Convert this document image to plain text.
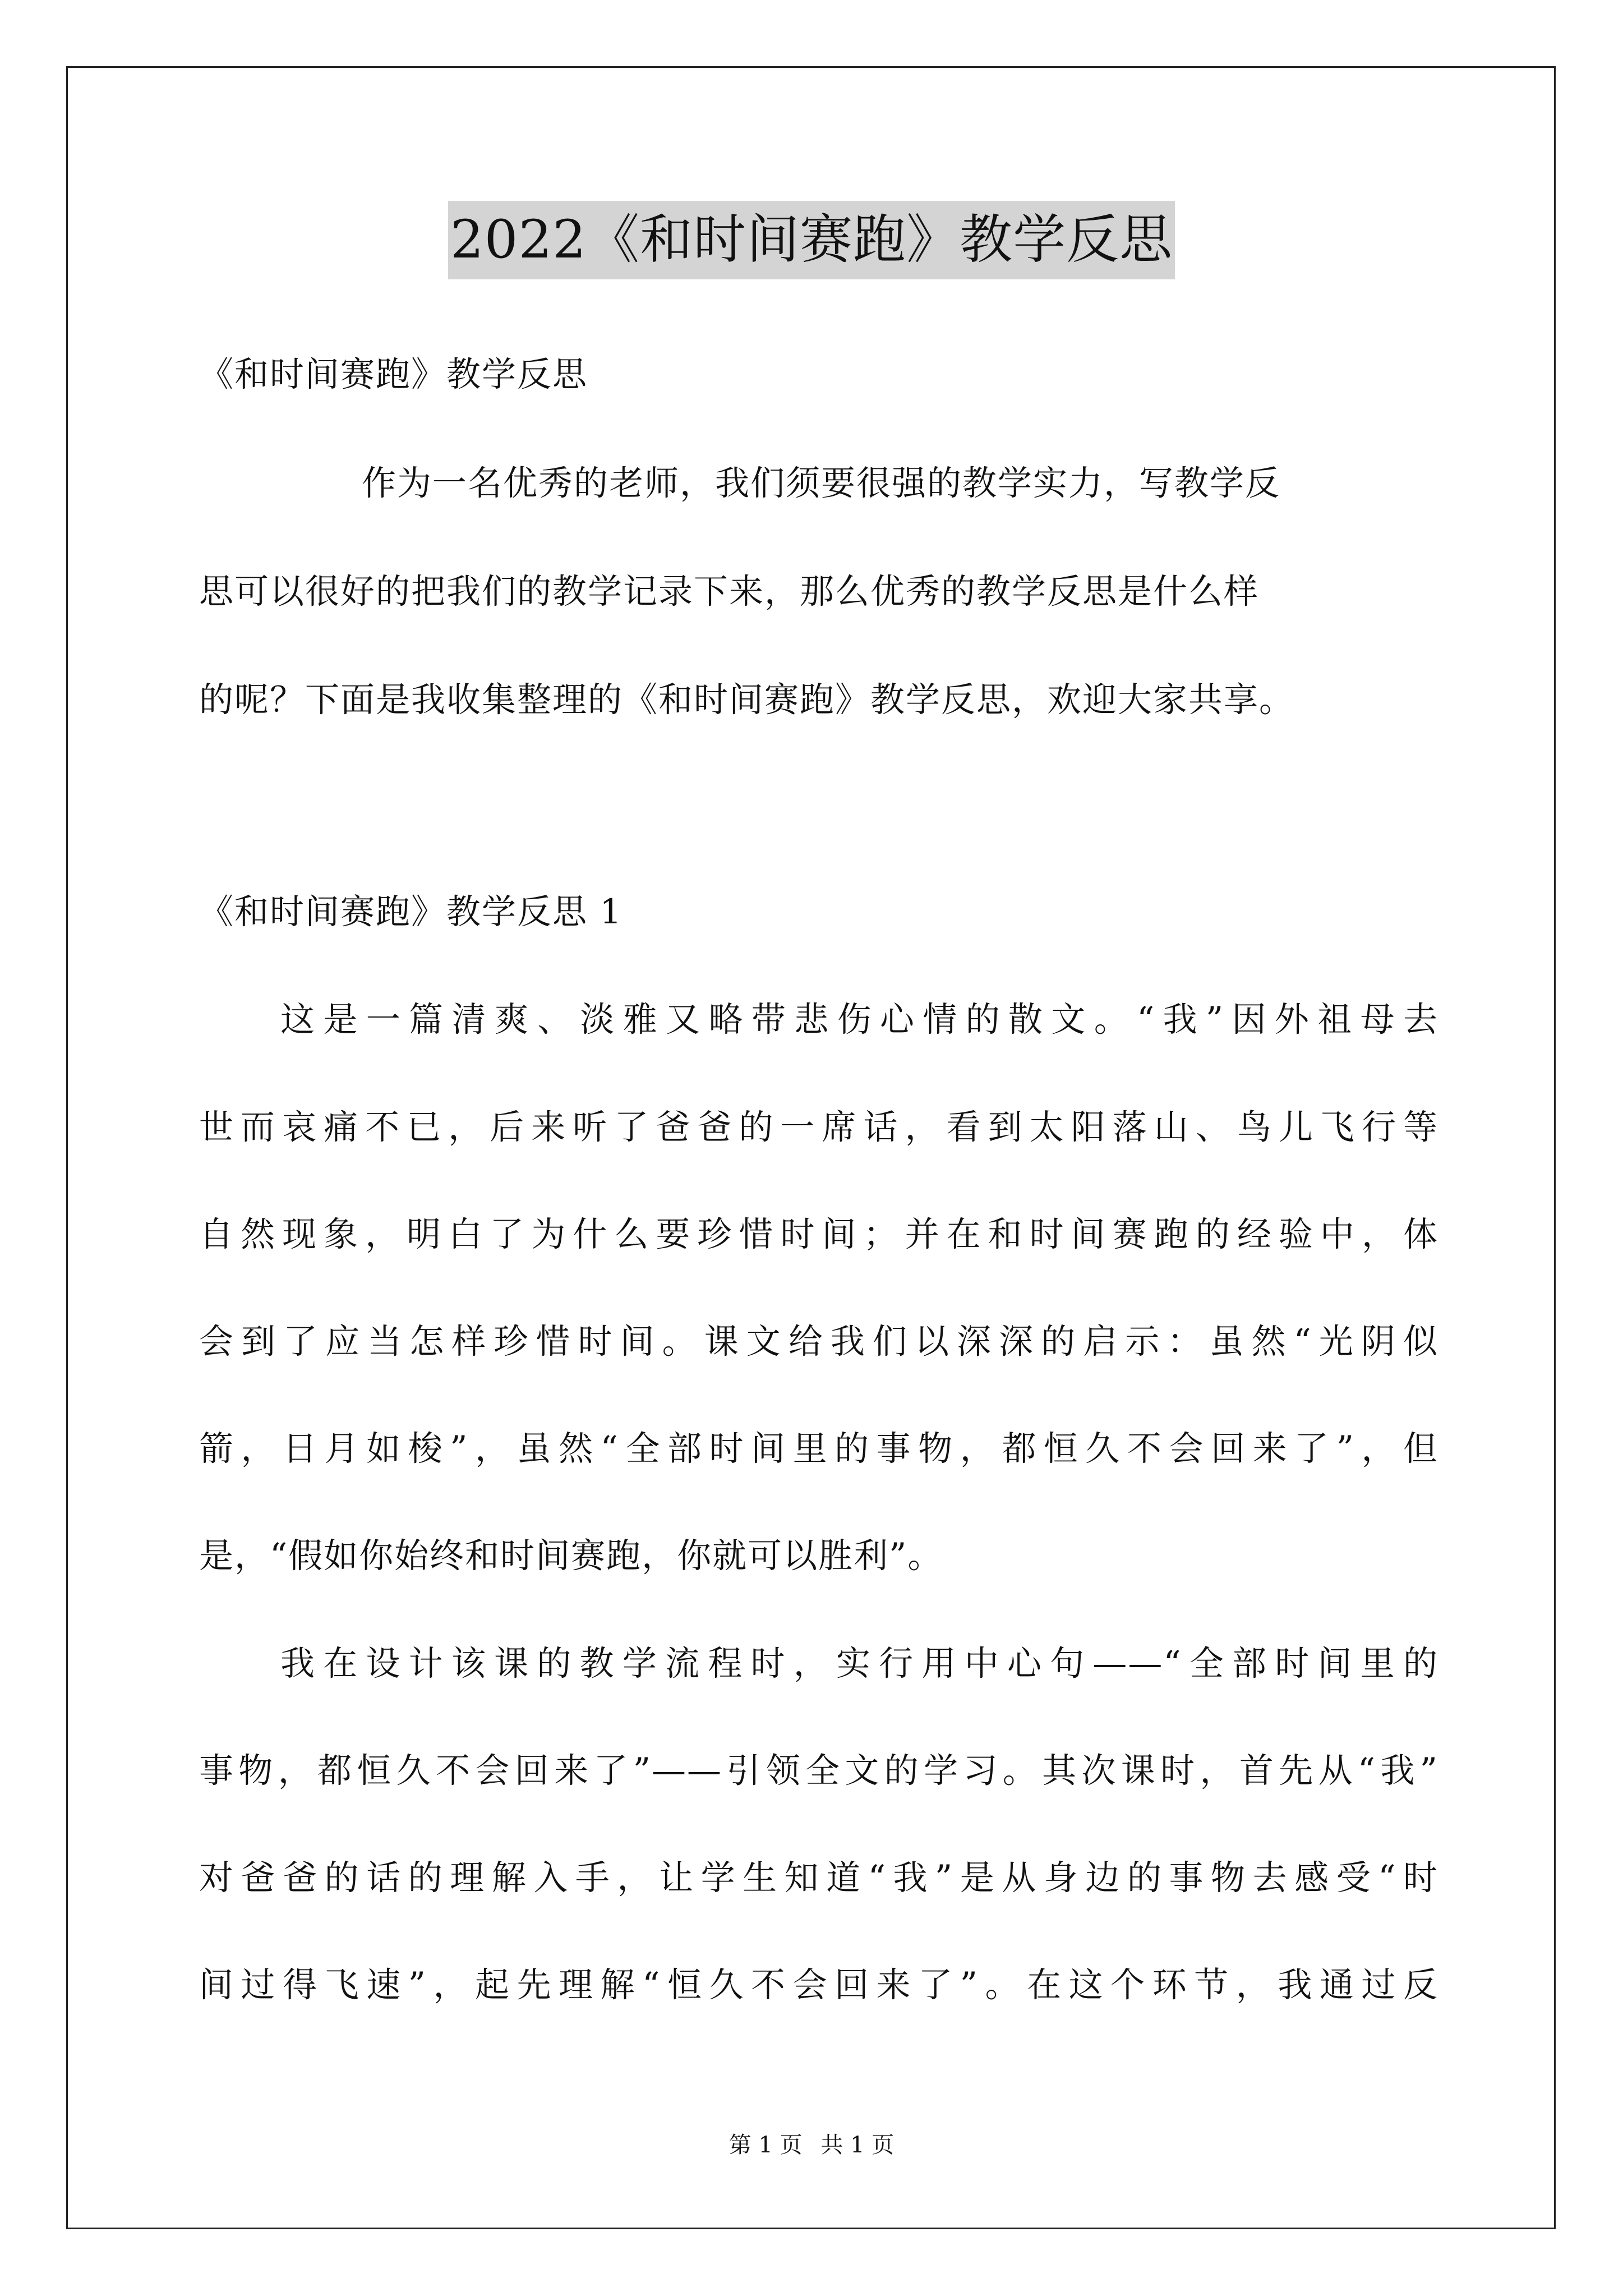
2022《和时间赛跑》教学反思
《和时间赛跑》教学反思
作为一名优秀的老师，我们须要很强的教学实力，写教学反
思可以很好的把我们的教学记录下来，那么优秀的教学反思是什么样
的呢？下面是我收集整理的《和时间赛跑》教学反思，欢迎大家共享。
《和时间赛跑》教学反思 1
这是一篇清爽、淡雅又略带悲伤心情的散文。“我”因外祖母去
世而哀痛不已，后来听了爸爸的一席话，看到太阳落山、鸟儿飞行等
自然现象，明白了为什么要珍惜时间；并在和时间赛跑的经验中，体
会到了应当怎样珍惜时间。课文给我们以深深的启示：虽然“光阴似
箭，日月如梭”，虽然“全部时间里的事物，都恒久不会回来了”，但
是，“假如你始终和时间赛跑，你就可以胜利”。
我在设计该课的教学流程时，实行用中心句——“全部时间里的
事物，都恒久不会回来了”——引领全文的学习。其次课时，首先从“我”
对爸爸的话的理解入手，让学生知道“我”是从身边的事物去感受“时
间过得飞速”，起先理解“恒久不会回来了”。在这个环节，我通过反
第 1 页 共 1 页
